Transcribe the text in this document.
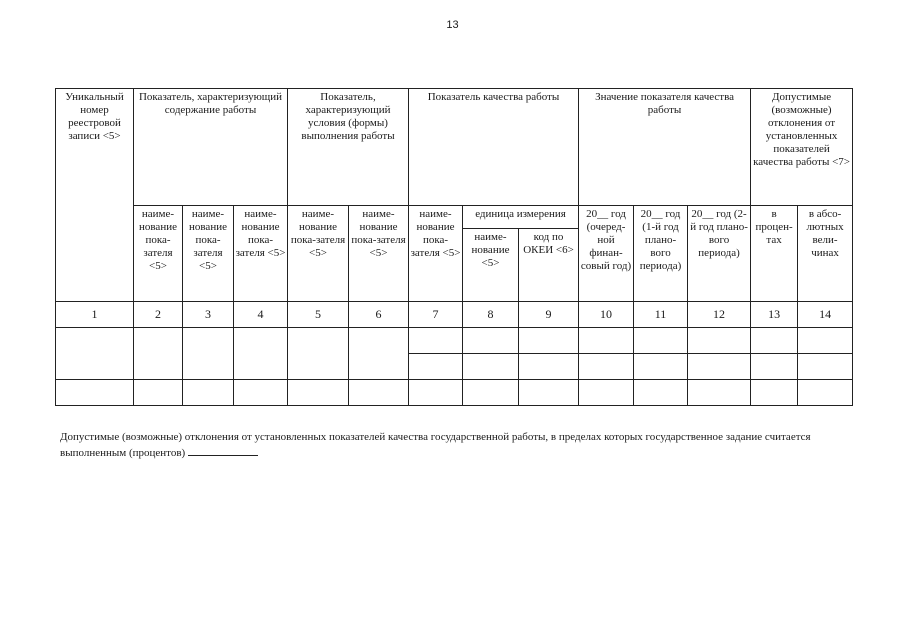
13
Уникальный номер реестровой записи <5>	Показатель, характеризующий содержание работы			Показатель, характеризующий условия (формы) выполнения работы		Показатель качества работы			Значение показателя качества работы			Допустимые (возможные) отклонения от установленных показателей качества работы <7>	
	наиме-нование пока-зателя <5>	наиме-нование пока-зателя <5>	наиме-нование пока-зателя <5>	наиме-нование пока-зателя <5>	наиме-нование пока-зателя <5>	наиме-нование пока-зателя <5>	единица измерения		20__ год (очеред-ной финан-совый год)	20__ год (1-й год плано-вого периода)	20__ год (2-й год плано-вого периода)	в процен-тах	в абсо-лютных вели-чинах
							наиме-нование <5>	код по ОКЕИ <6>					
1	2	3	4	5	6	7	8	9	10	11	12	13	14

Допустимые (возможные) отклонения от установленных показателей качества государственной работы, в пределах которых государственное задание считается выполненным (процентов)
